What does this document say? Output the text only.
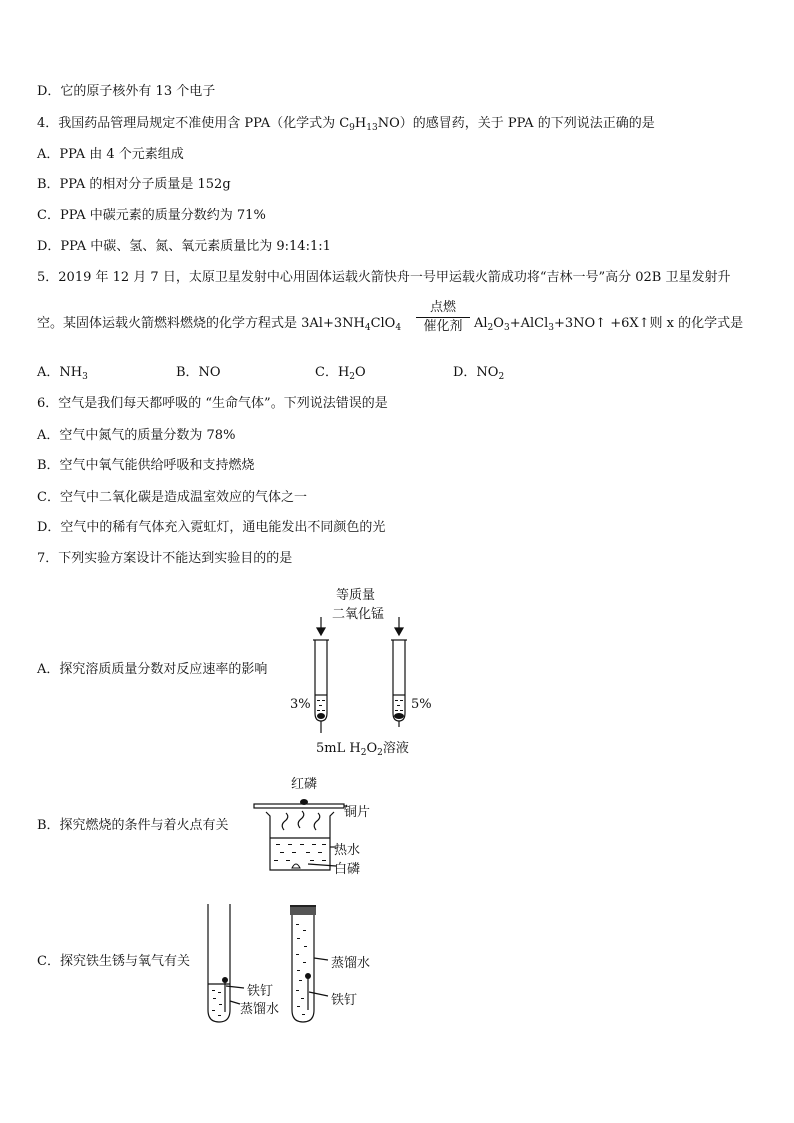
D．它的原子核外有 13 个电子
4．我国药品管理局规定不准使用含 PPA（化学式为 $C_9H_{13}NO$）的感冒药，关于 PPA 的下列说法正确的是
A．PPA 由 4 个元素组成
B．PPA 的相对分子质量是 152g
C．PPA 中碳元素的质量分数约为 71%
D．PPA 中碳、氢、氮、氧元素质量比为 9:14:1:1
5．2019 年 12 月 7 日，太原卫星发射中心用固体运载火箭快舟一号甲运载火箭成功将“吉林一号”高分 02B 卫星发射升
空。某固体运载火箭燃料燃烧的化学方程式是 $3Al+3NH_4ClO_4$
点燃
催化剂 $Al_2O_3+AlCl_3+3NO↑$ +6X↑则 x 的化学式是
A．$NH_3$	B．NO	C．$H_2O$	D．$NO_2$
6．空气是我们每天都呼吸的 “生命气体”。下列说法错误的是
A．空气中氮气的质量分数为 78%
B．空气中氧气能供给呼吸和支持燃烧
C．空气中二氧化碳是造成温室效应的气体之一
D．空气中的稀有气体充入霓虹灯，通电能发出不同颜色的光
7．下列实验方案设计不能达到实验目的的是
A．探究溶质质量分数对反应速率的影响
等质量
二氧化锰
3%	5%
5mL $H_2O_2$溶液
B．探究燃烧的条件与着火点有关
红磷
铜片
热水
白磷
C．探究铁生锈与氧气有关
铁钉
蒸馏水
蒸馏水
铁钉
